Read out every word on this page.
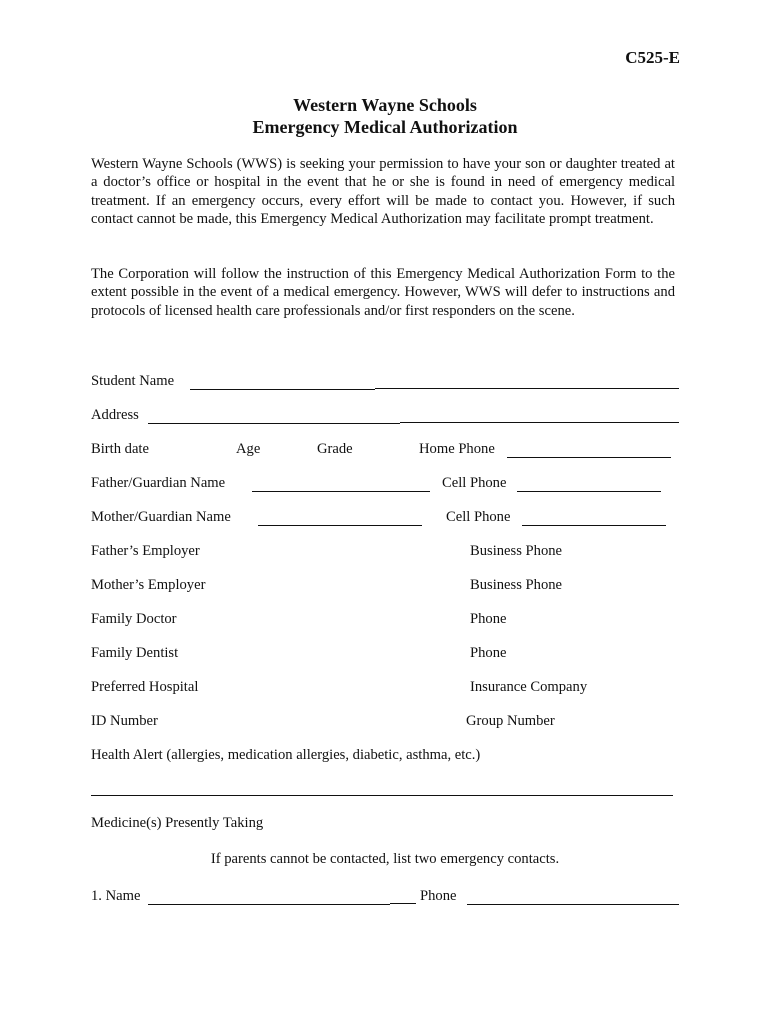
C525-E
Western Wayne Schools
Emergency Medical Authorization
Western Wayne Schools (WWS) is seeking your permission to have your son or daughter treated at a doctor’s office or hospital in the event that he or she is found in need of emergency medical treatment. If an emergency occurs, every effort will be made to contact you. However, if such contact cannot be made, this Emergency Medical Authorization may facilitate prompt treatment.
The Corporation will follow the instruction of this Emergency Medical Authorization Form to the extent possible in the event of a medical emergency. However, WWS will defer to instructions and protocols of licensed health care professionals and/or first responders on the scene.
Student Name
Address
Birth date	Age	Grade	Home Phone
Father/Guardian Name	Cell Phone
Mother/Guardian Name	Cell Phone
Father’s Employer	Business Phone
Mother’s Employer	Business Phone
Family Doctor	Phone
Family Dentist	Phone
Preferred Hospital	Insurance Company
ID Number	Group Number
Health Alert (allergies, medication allergies, diabetic, asthma, etc.)
Medicine(s) Presently Taking
If parents cannot be contacted, list two emergency contacts.
1. Name	Phone
